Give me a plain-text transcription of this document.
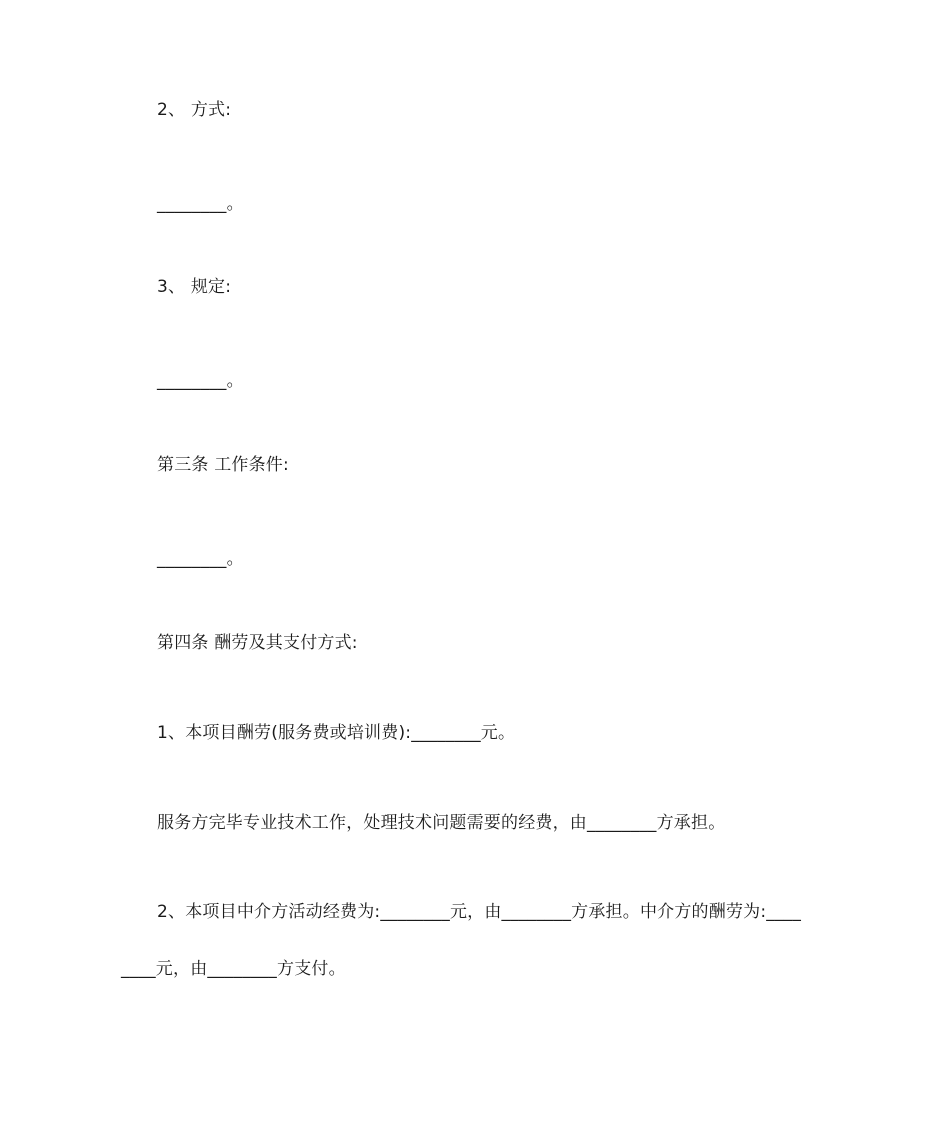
2、 方式:
________。
3、 规定:
________。
第三条 工作条件:
________。
第四条 酬劳及其支付方式:
1、本项目酬劳(服务费或培训费):________元。
服务方完毕专业技术工作，处理技术问题需要的经费，由________方承担。
2、本项目中介方活动经费为:________元，由________方承担。中介方的酬劳为:____
____元，由________方支付。
